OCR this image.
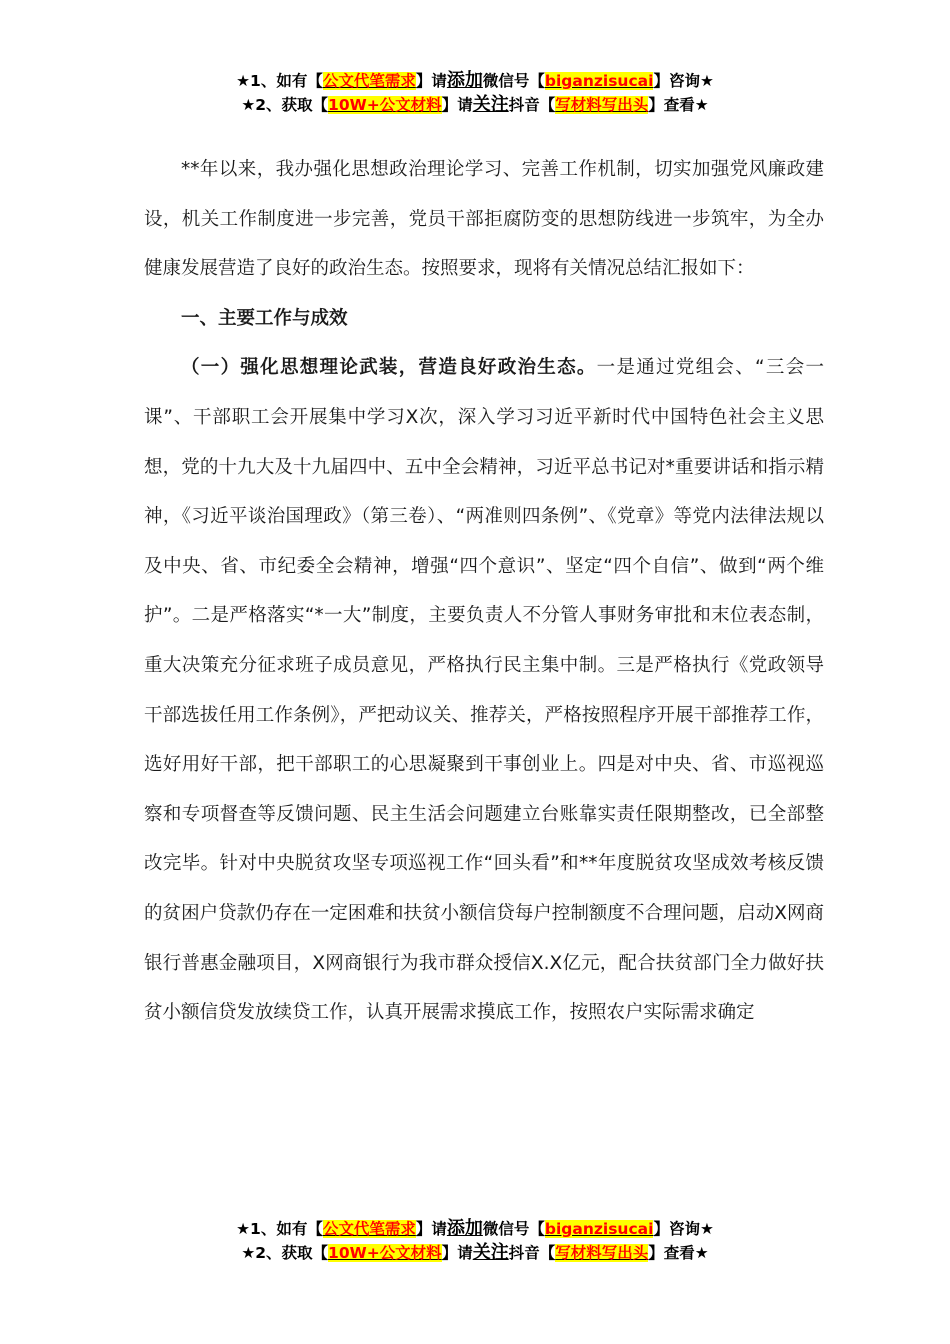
★1、如有【公文代笔需求】请添加微信号【biganzisucai】咨询★
★2、获取【10W+公文材料】请关注抖音【写材料写出头】查看★

**年以来，我办强化思想政治理论学习、完善工作机制，切实加强党风廉政建设，机关工作制度进一步完善，党员干部拒腐防变的思想防线进一步筑牢，为全办健康发展营造了良好的政治生态。按照要求，现将有关情况总结汇报如下：

一、主要工作与成效

（一）强化思想理论武装，营造良好政治生态。一是通过党组会、“三会一课”、干部职工会开展集中学习X次，深入学习习近平新时代中国特色社会主义思想，党的十九大及十九届四中、五中全会精神，习近平总书记对*重要讲话和指示精神，《习近平谈治国理政》（第三卷）、“两准则四条例”、《党章》等党内法律法规以及中央、省、市纪委全会精神，增强“四个意识”、坚定“四个自信”、做到“两个维护”。二是严格落实“*一大”制度，主要负责人不分管人事财务审批和末位表态制，重大决策充分征求班子成员意见，严格执行民主集中制。三是严格执行《党政领导干部选拔任用工作条例》，严把动议关、推荐关，严格按照程序开展干部推荐工作，选好用好干部，把干部职工的心思凝聚到干事创业上。四是对中央、省、市巡视巡察和专项督查等反馈问题、民主生活会问题建立台账靠实责任限期整改，已全部整改完毕。针对中央脱贫攻坚专项巡视工作“回头看”和**年度脱贫攻坚成效考核反馈的贫困户贷款仍存在一定困难和扶贫小额信贷每户控制额度不合理问题，启动X网商银行普惠金融项目，X网商银行为我市群众授信X.X亿元，配合扶贫部门全力做好扶贫小额信贷发放续贷工作，认真开展需求摸底工作，按照农户实际需求确定

★1、如有【公文代笔需求】请添加微信号【biganzisucai】咨询★
★2、获取【10W+公文材料】请关注抖音【写材料写出头】查看★
